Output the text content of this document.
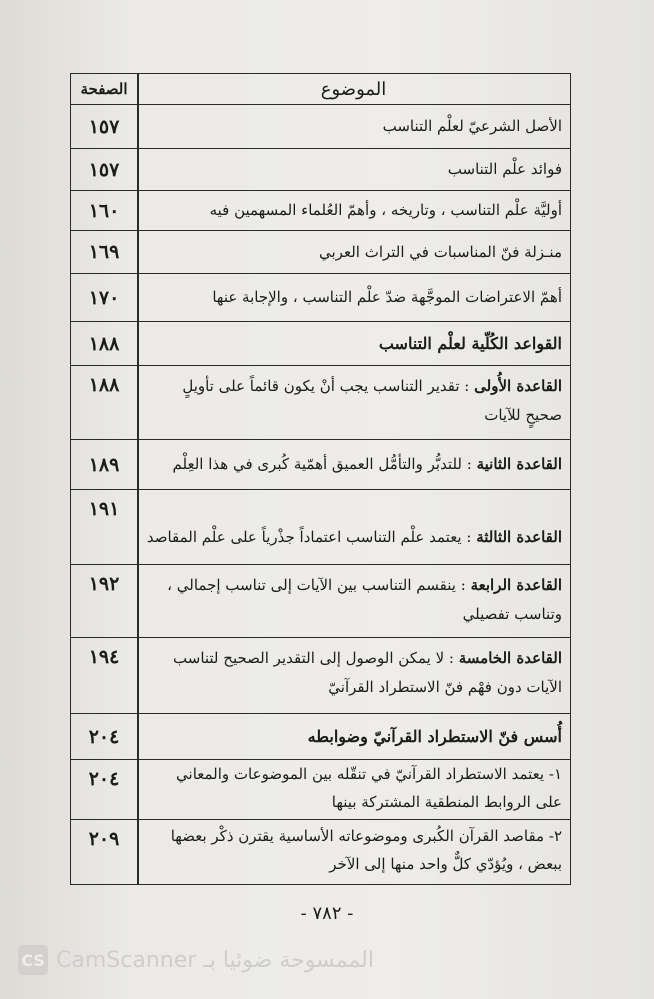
الموضوع
الصفحة
الأصل الشرعيّ لعلْم التناسب
١٥٧
فوائد علْم التناسب
١٥٧
أوليَّة علْم التناسب ، وتاريخه ، وأهمّ العُلماء المسهمين فيه
١٦٠
منـزلة فنّ المناسبات في التراث العربي
١٦٩
أهمّ الاعتراضات الموجَّهة ضدّ علْم التناسب ، والإجابة عنها
١٧٠
القواعد الكُلّية لعلْم التناسب
١٨٨
القاعدة الأُولى : تقدير التناسب يجب أنْ يكون قائماً على تأويلٍ صحيحٍ للآيات
١٨٨
القاعدة الثانية : للتدبُّر والتأمُّل العميق أهمّية كُبرى في هذا العِلْم
١٨٩
القاعدة الثالثة : يعتمد علْم التناسب اعتماداً جذْرياً على علْم المقاصد
١٩١
القاعدة الرابعة : ينقسم التناسب بين الآيات إلى تناسب إجمالي ، وتناسب تفصيلي
١٩٢
القاعدة الخامسة : لا يمكن الوصول إلى التقدير الصحيح لتناسب الآيات دون فهْم فنّ الاستطراد القرآنيّ
١٩٤
أُسس فنّ الاستطراد القرآنيّ وضوابطه
٢٠٤
١- يعتمد الاستطراد القرآنيّ في تنقّله بين الموضوعات والمعاني على الروابط المنطقية المشتركة بينها
٢٠٤
٢- مقاصد القرآن الكُبرى وموضوعاته الأساسية يقترن ذكْر بعضها ببعض ، ويُؤدّي كلٌّ واحد منها إلى الآخر
٢٠٩
- ٧٨٢ -
CS CamScanner الممسوحة ضوئيا بـ
